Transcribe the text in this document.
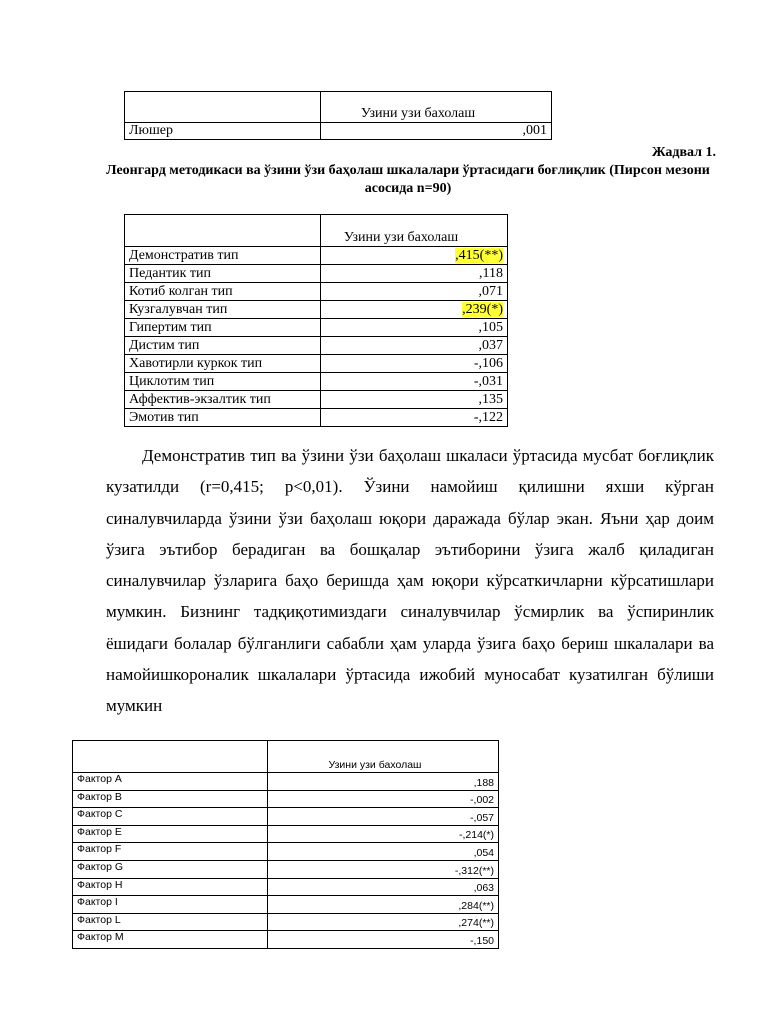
	Узини узи бахолаш
Люшер	,001
Жадвал 1.
Леонгард методикаси ва ўзини ўзи баҳолаш шкалалари ўртасидаги боғлиқлик (Пирсон мезони асосида n=90)
	Узини узи бахолаш
Демонстратив тип	,415(**)
Педантик тип	,118
Котиб колган тип	,071
Кузгалувчан тип	,239(*)
Гипертим тип	,105
Дистим тип	,037
Хавотирли куркок тип	-,106
Циклотим тип	-,031
Аффектив-экзалтик тип	,135
Эмотив тип	-,122
Демонстратив тип ва ўзини ўзи баҳолаш шкаласи ўртасида мусбат боғлиқлик кузатилди (r=0,415; p<0,01). Ўзини намойиш қилишни яхши кўрган синалувчиларда ўзини ўзи баҳолаш юқори даражада бўлар экан. Яъни ҳар доим ўзига эътибор берадиган ва бошқалар эътиборини ўзига жалб қиладиган синалувчилар ўзларига баҳо беришда ҳам юқори кўрсаткичларни кўрсатишлари мумкин. Бизнинг тадқиқотимиздаги синалувчилар ўсмирлик ва ўспиринлик ёшидаги болалар бўлганлиги сабабли ҳам уларда ўзига баҳо бериш шкалалари ва намойишкороналик шкалалари ўртасида ижобий муносабат кузатилган бўлиши мумкин
	Узини узи бахолаш
Фактор A	,188
Фактор B	-,002
Фактор C	-,057
Фактор E	-,214(*)
Фактор F	,054
Фактор G	-,312(**)
Фактор H	,063
Фактор I	,284(**)
Фактор L	,274(**)
Фактор M	-,150
